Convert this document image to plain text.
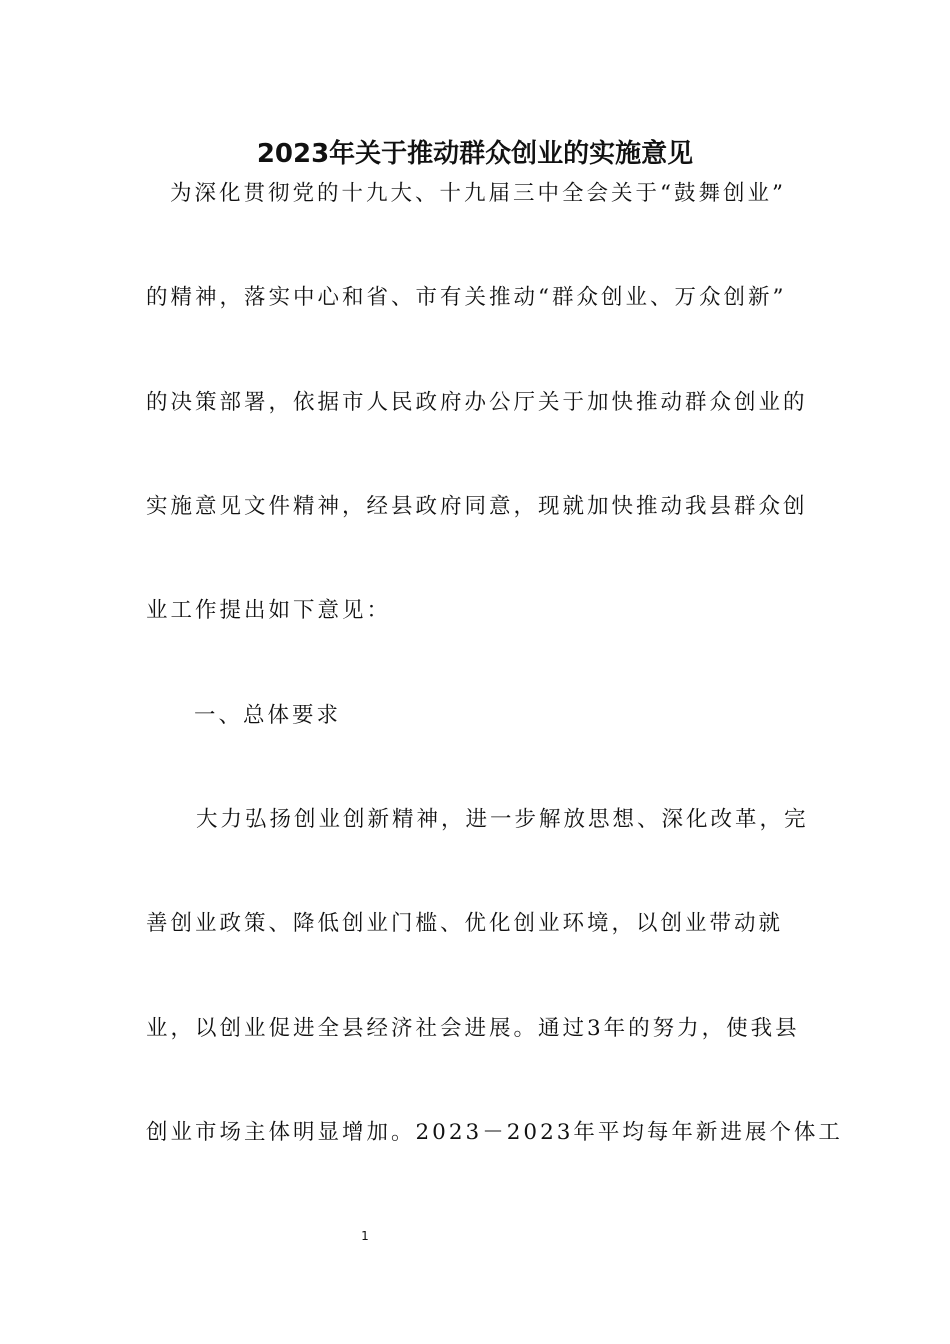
2023年关于推动群众创业的实施意见

为深化贯彻党的十九大、十九届三中全会关于“鼓舞创业”

的精神，落实中心和省、市有关推动“群众创业、万众创新”

的决策部署，依据市人民政府办公厅关于加快推动群众创业的

实施意见文件精神，经县政府同意，现就加快推动我县群众创

业工作提出如下意见：

一、总体要求

大力弘扬创业创新精神，进一步解放思想、深化改革，完

善创业政策、降低创业门槛、优化创业环境，以创业带动就

业，以创业促进全县经济社会进展。通过3年的努力，使我县

创业市场主体明显增加。2023－2023年平均每年新进展个体工

1
